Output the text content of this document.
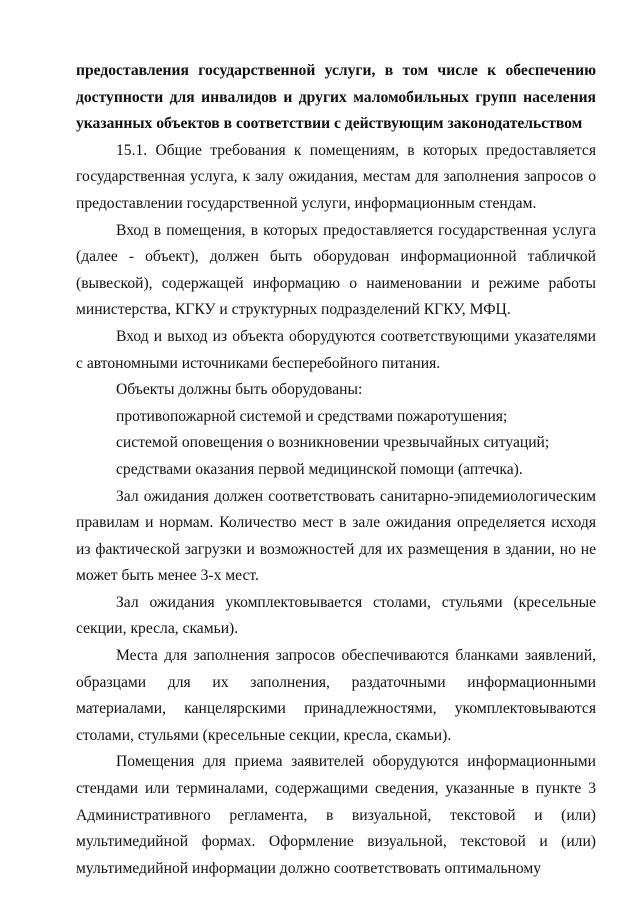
предоставления государственной услуги, в том числе к обеспечению доступности для инвалидов и других маломобильных групп населения указанных объектов в соответствии с действующим законодательством

15.1. Общие требования к помещениям, в которых предоставляется государственная услуга, к залу ожидания, местам для заполнения запросов о предоставлении государственной услуги, информационным стендам.

Вход в помещения, в которых предоставляется государственная услуга (далее - объект), должен быть оборудован информационной табличкой (вывеской), содержащей информацию о наименовании и режиме работы министерства, КГКУ и структурных подразделений КГКУ, МФЦ.

Вход и выход из объекта оборудуются соответствующими указателями с автономными источниками бесперебойного питания.

Объекты должны быть оборудованы:

противопожарной системой и средствами пожаротушения;

системой оповещения о возникновении чрезвычайных ситуаций;

средствами оказания первой медицинской помощи (аптечка).

Зал ожидания должен соответствовать санитарно-эпидемиологическим правилам и нормам. Количество мест в зале ожидания определяется исходя из фактической загрузки и возможностей для их размещения в здании, но не может быть менее 3-х мест.

Зал ожидания укомплектовывается столами, стульями (кресельные секции, кресла, скамьи).

Места для заполнения запросов обеспечиваются бланками заявлений, образцами для их заполнения, раздаточными информационными материалами, канцелярскими принадлежностями, укомплектовываются столами, стульями (кресельные секции, кресла, скамьи).

Помещения для приема заявителей оборудуются информационными стендами или терминалами, содержащими сведения, указанные в пункте 3 Административного регламента, в визуальной, текстовой и (или) мультимедийной формах. Оформление визуальной, текстовой и (или) мультимедийной информации должно соответствовать оптимальному
